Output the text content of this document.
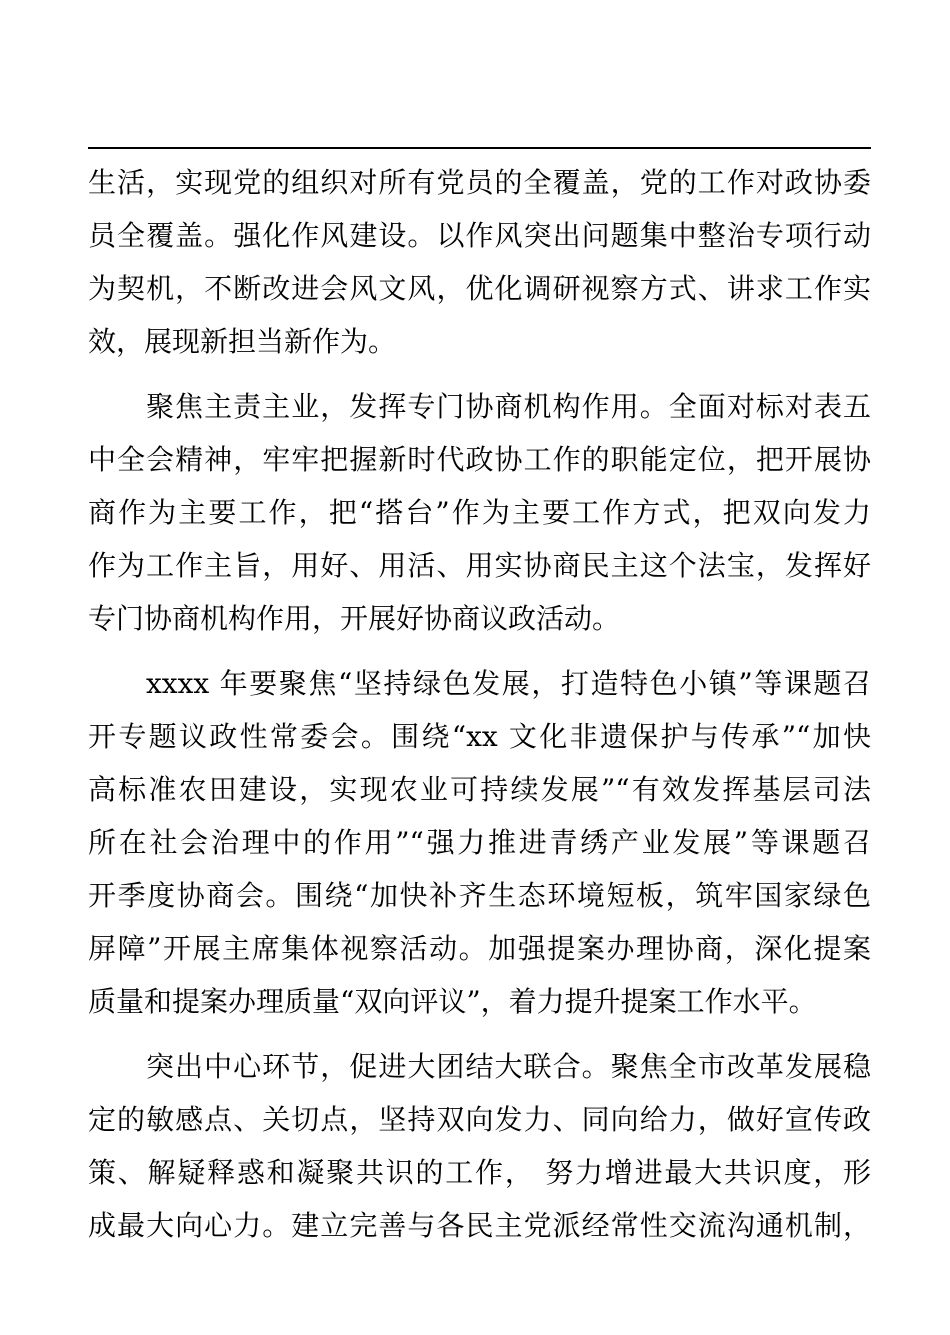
生活，实现党的组织对所有党员的全覆盖，党的工作对政协委
员全覆盖。强化作风建设。以作风突出问题集中整治专项行动
为契机，不断改进会风文风，优化调研视察方式、讲求工作实
效，展现新担当新作为。
聚焦主责主业，发挥专门协商机构作用。全面对标对表五
中全会精神，牢牢把握新时代政协工作的职能定位，把开展协
商作为主要工作，把“搭台”作为主要工作方式，把双向发力
作为工作主旨，用好、用活、用实协商民主这个法宝，发挥好
专门协商机构作用，开展好协商议政活动。
xxxx 年要聚焦“坚持绿色发展，打造特色小镇”等课题召
开专题议政性常委会。围绕“xx 文化非遗保护与传承”“加快
高标准农田建设，实现农业可持续发展”“有效发挥基层司法
所在社会治理中的作用”“强力推进青绣产业发展”等课题召
开季度协商会。围绕“加快补齐生态环境短板，筑牢国家绿色
屏障”开展主席集体视察活动。加强提案办理协商，深化提案
质量和提案办理质量“双向评议”，着力提升提案工作水平。
突出中心环节，促进大团结大联合。聚焦全市改革发展稳
定的敏感点、关切点，坚持双向发力、同向给力，做好宣传政
策、解疑释惑和凝聚共识的工作， 努力增进最大共识度，形
成最大向心力。建立完善与各民主党派经常性交流沟通机制，
